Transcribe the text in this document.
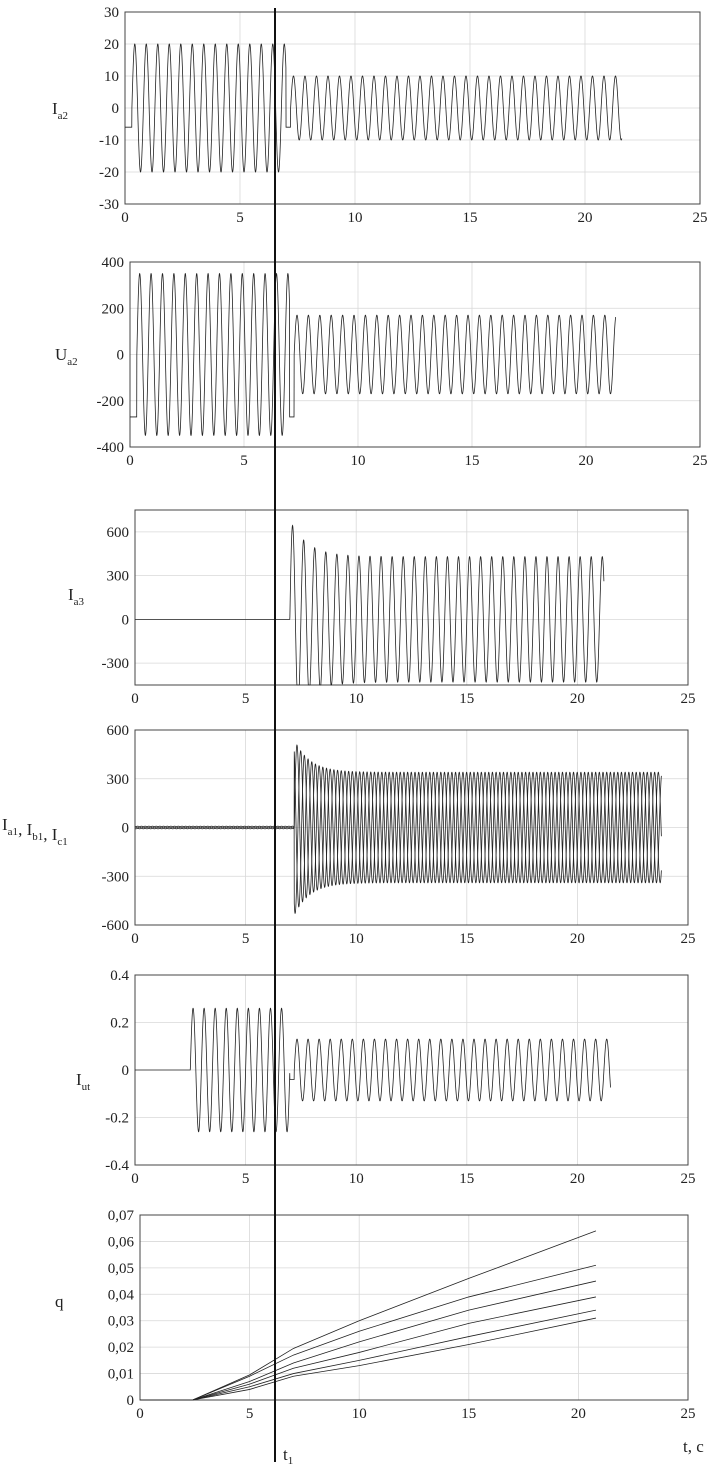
0	5	10	15	20	25
30
20
10
0
-10
-20
-30
$I_{a2}$
0	5	10	15	20	25
400
200
0
-200
-400
$U_{a2}$
0	5	10	15	20	25
600
300
0
-300
$I_{a3}$
0	5	10	15	20	25
600
300
0
-300
-600
$I_{a1}$, $I_{b1}$, $I_{c1}$
0	5	10	15	20	25
0.4
0.2
0
-0.2
-0.4
$I_{ut}$
0	5	10	15	20	25
0,07
0,06
0,05
0,04
0,03
0,02
0,01
0
q
$t_1$
t, c
